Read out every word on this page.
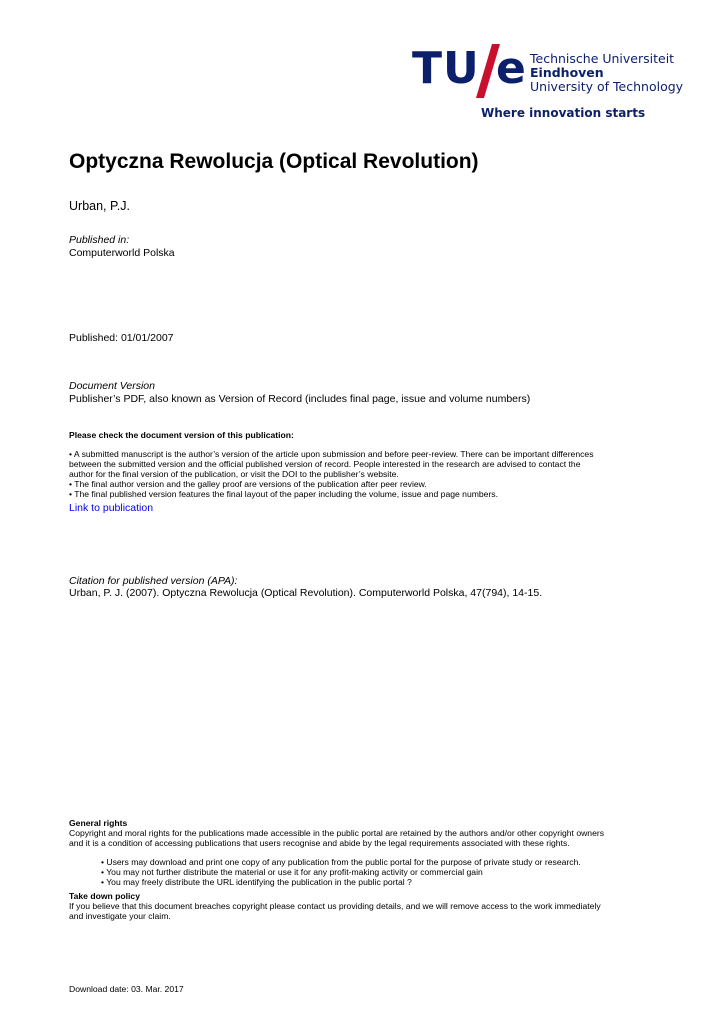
TU e Technische Universiteit
Eindhoven
University of Technology
Where innovation starts
Optyczna Rewolucja (Optical Revolution)
Urban, P.J.
Published in:
Computerworld Polska
Published: 01/01/2007
Document Version
Publisher’s PDF, also known as Version of Record (includes final page, issue and volume numbers)
Please check the document version of this publication:

• A submitted manuscript is the author’s version of the article upon submission and before peer-review. There can be important differences

between the submitted version and the official published version of record. People interested in the research are advised to contact the

author for the final version of the publication, or visit the DOI to the publisher’s website.

• The final author version and the galley proof are versions of the publication after peer review.

• The final published version features the final layout of the paper including the volume, issue and page numbers.

Link to publication
Citation for published version (APA):
Urban, P. J. (2007). Optyczna Rewolucja (Optical Revolution). Computerworld Polska, 47(794), 14-15.
General rights

Copyright and moral rights for the publications made accessible in the public portal are retained by the authors and/or other copyright owners

and it is a condition of accessing publications that users recognise and abide by the legal requirements associated with these rights.

• Users may download and print one copy of any publication from the public portal for the purpose of private study or research.

• You may not further distribute the material or use it for any profit-making activity or commercial gain

• You may freely distribute the URL identifying the publication in the public portal ?

Take down policy

If you believe that this document breaches copyright please contact us providing details, and we will remove access to the work immediately

and investigate your claim.

Download date: 03. Mar. 2017
